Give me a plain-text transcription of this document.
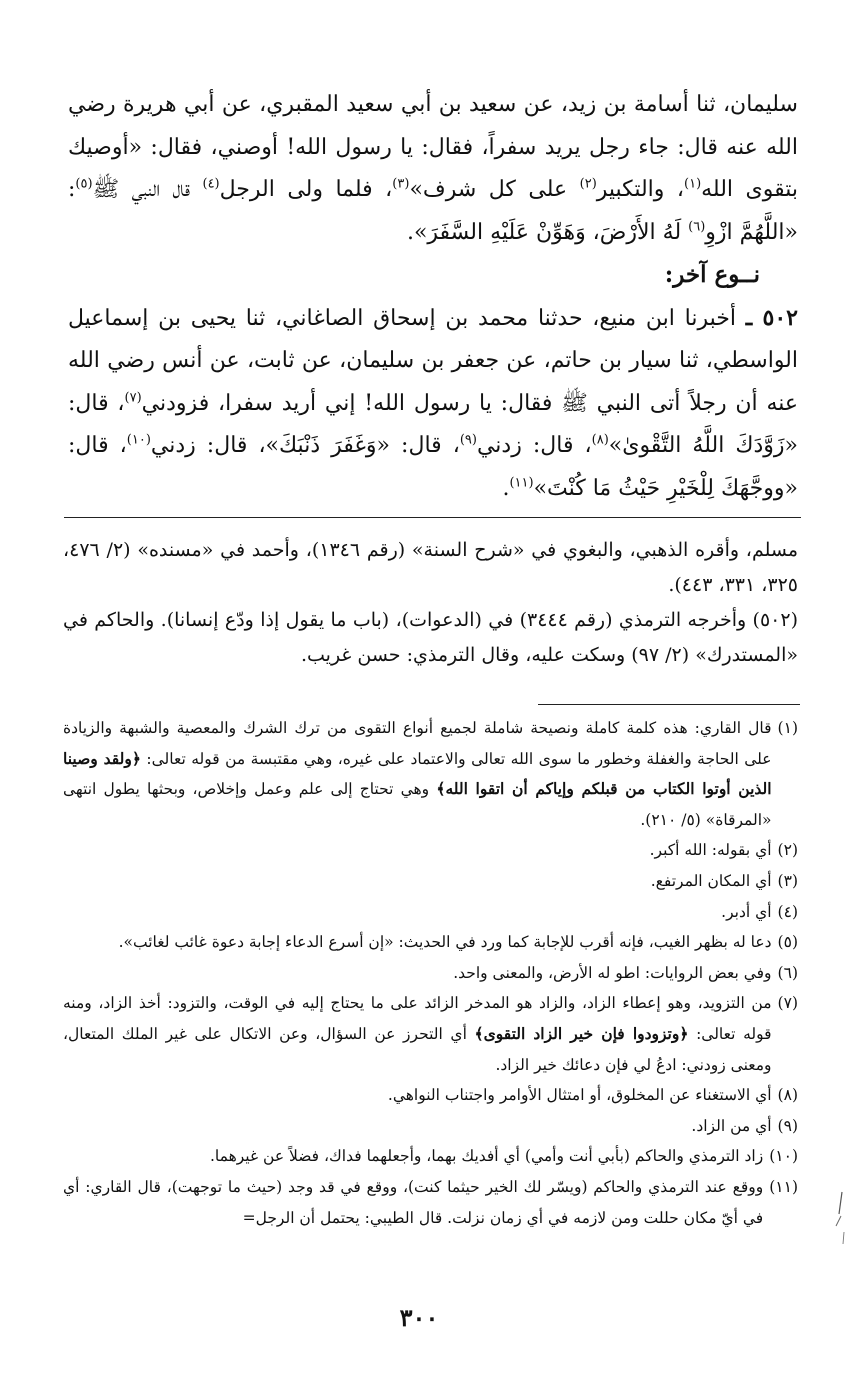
سليمان، ثنا أسامة بن زيد، عن سعيد بن أبي سعيد المقبري، عن أبي هريرة رضي الله عنه قال: جاء رجل يريد سفراً، فقال: يا رسول الله! أوصني، فقال: «أوصيك بتقوى الله$^{(١)}$، والتكبير$^{(٢)}$ على كل شرف»$^{(٣)}$، فلما ولى الرجل$^{(٤)}$ قال النبي ﷺ$^{(٥)}$: «اللَّهُمَّ ازْوِ$^{(٦)}$ لَهُ الأَرْضَ، وَهَوِّنْ عَلَيْهِ السَّفَرَ».

نــوع آخر:

٥٠٢ ـ أخبرنا ابن منيع، حدثنا محمد بن إسحاق الصاغاني، ثنا يحيى بن إسماعيل الواسطي، ثنا سيار بن حاتم، عن جعفر بن سليمان، عن ثابت، عن أنس رضي الله عنه أن رجلاً أتى النبي ﷺ فقال: يا رسول الله! إني أريد سفرا، فزودني$^{(٧)}$، قال: «زَوَّدَكَ اللَّهُ التَّقْوىٰ»$^{(٨)}$، قال: زدني$^{(٩)}$، قال: «وَغَفَرَ ذَنْبَكَ»، قال: زدني$^{(١٠)}$، قال: «ووجَّهَكَ لِلْخَيْرِ حَيْثُ مَا كُنْتَ»$^{(١١)}$.

مسلم، وأقره الذهبي، والبغوي في «شرح السنة» (رقم ١٣٤٦)، وأحمد في «مسنده» (٢/ ٤٧٦، ٣٢٥، ٣٣١، ٤٤٣).

(٥٠٢) وأخرجه الترمذي (رقم ٣٤٤٤) في (الدعوات)، (باب ما يقول إذا ودّع إنسانا). والحاكم في «المستدرك» (٢/ ٩٧) وسكت عليه، وقال الترمذي: حسن غريب.

(١)
قال القاري: هذه كلمة كاملة ونصيحة شاملة لجميع أنواع التقوى من ترك الشرك والمعصية والشبهة والزيادة على الحاجة والغفلة وخطور ما سوى الله تعالى والاعتماد على غيره، وهي مقتبسة من قوله تعالى: ﴿ولقد وصينا الذين أوتوا الكتاب من قبلكم وإياكم أن اتقوا الله﴾ وهي تحتاج إلى علم وعمل وإخلاص، وبحثها يطول انتهى «المرقاة» (٥/ ٢١٠).
(٢)
أي بقوله: الله أكبر.
(٣)
أي المكان المرتفع.
(٤)
أي أدبر.
(٥)
دعا له بظهر الغيب، فإنه أقرب للإجابة كما ورد في الحديث: «إن أسرع الدعاء إجابة دعوة غائب لغائب».
(٦)
وفي بعض الروايات: اطو له الأرض، والمعنى واحد.
(٧)
من التزويد، وهو إعطاء الزاد، والزاد هو المدخر الزائد على ما يحتاج إليه في الوقت، والتزود: أخذ الزاد، ومنه قوله تعالى: ﴿وتزودوا فإن خير الزاد التقوى﴾ أي التحرز عن السؤال، وعن الاتكال على غير الملك المتعال، ومعنى زودني: ادعُ لي فإن دعائك خير الزاد.
(٨)
أي الاستغناء عن المخلوق، أو امتثال الأوامر واجتناب النواهي.
(٩)
أي من الزاد.
(١٠)
زاد الترمذي والحاكم (بأبي أنت وأمي) أي أفديك بهما، وأجعلهما فداك، فضلاً عن غيرهما.
(١١)
ووقع عند الترمذي والحاكم (ويسّر لك الخير حيثما كنت)، ووقع في قد وجد (حيث ما توجهت)، قال القاري: أي في أيّ مكان حللت ومن لازمه في أي زمان نزلت. قال الطيبي: يحتمل أن الرجل=
٣٠٠
